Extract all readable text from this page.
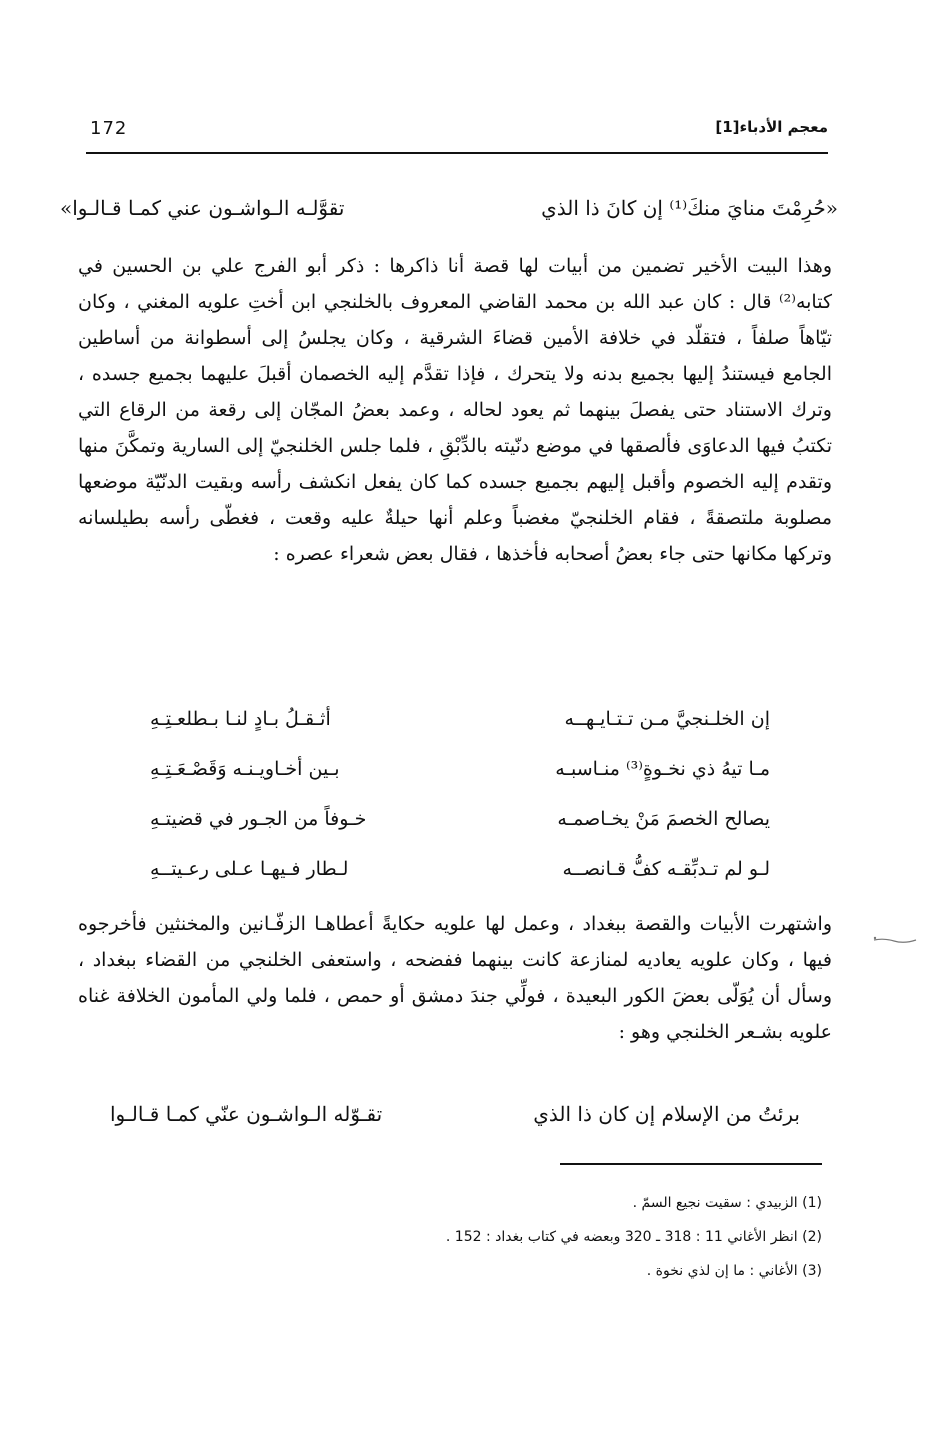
172	معجم الأدباء[1]
«حُرِمْتَ منايَ منكَ⁽¹⁾ إن كانَ ذا الذي
تقوَّلـه الـواشـون عني كمـا قـالـوا»

وهذا البيت الأخير تضمين من أبيات لها قصة أنا ذاكرها : ذكر أبو الفرج علي بن الحسين في كتابه⁽²⁾ قال : كان عبد الله بن محمد القاضي المعروف بالخلنجي ابن أختِ علويه المغني ، وكان تيّاهاً صلفاً ، فتقلّد في خلافة الأمين قضاءَ الشرقية ، وكان يجلسُ إلى أسطوانة من أساطين الجامع فيستندُ إليها بجميع بدنه ولا يتحرك ، فإذا تقدَّم إليه الخصمان أقبلَ عليهما بجميع جسده ، وترك الاستناد حتى يفصلَ بينهما ثم يعود لحاله ، وعمد بعضُ المجّان إلى رقعة من الرقاع التي تكتبُ فيها الدعاوَى فألصقها في موضع دنّيته بالدِّبْقِ ، فلما جلس الخلنجيّ إلى السارية وتمكَّنَ منها وتقدم إليه الخصوم وأقبل إليهم بجميع جسده كما كان يفعل انكشف رأسه وبقيت الدنّيّة موضعها مصلوبة ملتصقةً ، فقام الخلنجيّ مغضباً وعلم أنها حيلةٌ عليه وقعت ، فغطّى رأسه بطيلسانه وتركها مكانها حتى جاء بعضُ أصحابه فأخذها ، فقال بعض شعراء عصره :

إن الخلـنجيَّ مـن تـتـايـهــه
أثـقـلُ بـادٍ لنـا بـطلعـتِـهِ
مـا تيهُ ذي نخـوةٍ⁽³⁾ منـاسبـه
بـين أخـاويـنـه وَقَصْـعَـتِـهِ
يصالح الخصمَ مَنْ يخـاصمـه
خـوفاً من الجـور في قضيتـهِ
لـو لم تـدبِّقـه كفُّ قـانصــه
لـطار فـيهـا عـلى رعـيتــهِ

واشتهرت الأبيات والقصة ببغداد ، وعمل لها علويه حكايةً أعطاهـا الزفّـانين والمخنثين فأخرجوه فيها ، وكان علويه يعاديه لمنازعة كانت بينهما ففضحه ، واستعفى الخلنجي من القضاء ببغداد ، وسأل أن يُوَلّى بعضَ الكور البعيدة ، فولِّي جندَ دمشق أو حمص ، فلما ولي المأمون الخلافة غناه علويه بشـعر الخلنجي وهو :

برئتُ من الإسلام إن كان ذا الذي
تقـوّله الـواشـون عنّي كمـا قـالـوا
(1) الزبيدي : سقيت نجيع السمّ .
(2) انظر الأغاني 11 : 318 ـ 320 وبعضه في كتاب بغداد : 152 .
(3) الأغاني : ما إن لذي نخوة .
